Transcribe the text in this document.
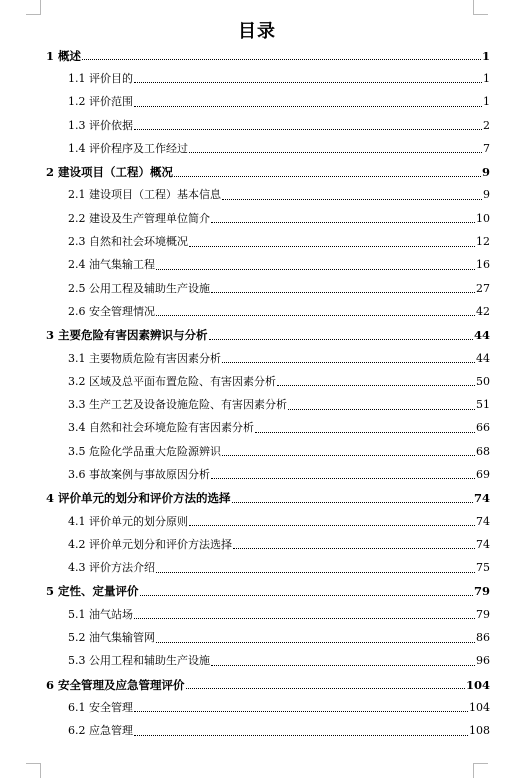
目录
1 概述	1
1.1 评价目的	1
1.2 评价范围	1
1.3 评价依据	2
1.4 评价程序及工作经过	7
2 建设项目（工程）概况	9
2.1 建设项目（工程）基本信息	9
2.2 建设及生产管理单位简介	10
2.3 自然和社会环境概况	12
2.4 油气集输工程	16
2.5 公用工程及辅助生产设施	27
2.6 安全管理情况	42
3 主要危险有害因素辨识与分析	44
3.1 主要物质危险有害因素分析	44
3.2 区域及总平面布置危险、有害因素分析	50
3.3 生产工艺及设备设施危险、有害因素分析	51
3.4 自然和社会环境危险有害因素分析	66
3.5 危险化学品重大危险源辨识	68
3.6 事故案例与事故原因分析	69
4 评价单元的划分和评价方法的选择	74
4.1 评价单元的划分原则	74
4.2 评价单元划分和评价方法选择	74
4.3 评价方法介绍	75
5 定性、定量评价	79
5.1 油气站场	79
5.2 油气集输管网	86
5.3 公用工程和辅助生产设施	96
6 安全管理及应急管理评价	104
6.1 安全管理	104
6.2 应急管理	108
